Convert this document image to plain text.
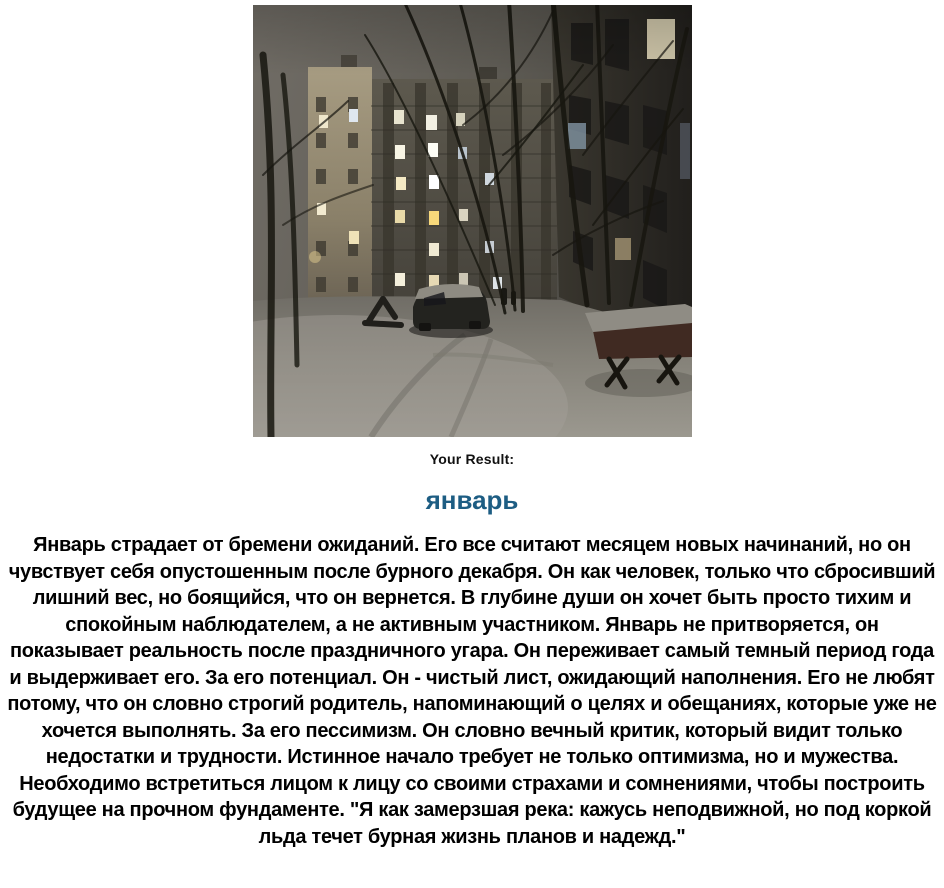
Your Result:
январь

Январь страдает от бремени ожиданий. Его все считают месяцем новых начинаний, но он чувствует себя опустошенным после бурного декабря. Он как человек, только что сбросивший лишний вес, но боящийся, что он вернется. В глубине души он хочет быть просто тихим и спокойным наблюдателем, а не активным участником. Январь не притворяется, он показывает реальность после праздничного угара. Он переживает самый темный период года и выдерживает его. За его потенциал. Он - чистый лист, ожидающий наполнения. Его не любят потому, что он словно строгий родитель, напоминающий о целях и обещаниях, которые уже не хочется выполнять. За его пессимизм. Он словно вечный критик, который видит только недостатки и трудности. Истинное начало требует не только оптимизма, но и мужества. Необходимо встретиться лицом к лицу со своими страхами и сомнениями, чтобы построить будущее на прочном фундаменте. "Я как замерзшая река: кажусь неподвижной, но под коркой льда течет бурная жизнь планов и надежд."
